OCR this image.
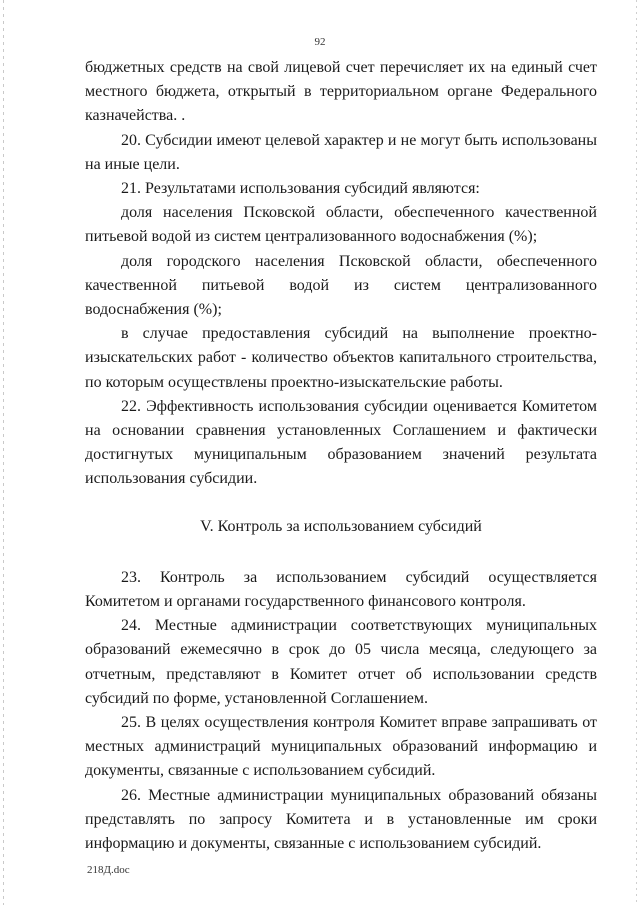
92

бюджетных средств на свой лицевой счет перечисляет их на единый счет местного бюджета, открытый в территориальном органе Федерального казначейства. .

20. Субсидии имеют целевой характер и не могут быть использованы на иные цели.

21. Результатами использования субсидий являются:

доля населения Псковской области, обеспеченного качественной питьевой водой из систем централизованного водоснабжения (%);

доля городского населения Псковской области, обеспеченного качественной питьевой водой из систем централизованного водоснабжения (%);

в случае предоставления субсидий на выполнение проектно-изыскательских работ - количество объектов капитального строительства, по которым осуществлены проектно-изыскательские работы.

22. Эффективность использования субсидии оценивается Комитетом на основании сравнения установленных Соглашением и фактически достигнутых муниципальным образованием значений результата использования субсидии.

V. Контроль за использованием субсидий

23. Контроль за использованием субсидий осуществляется Комитетом и органами государственного финансового контроля.

24. Местные администрации соответствующих муниципальных образований ежемесячно в срок до 05 числа месяца, следующего за отчетным, представляют в Комитет отчет об использовании средств субсидий по форме, установленной Соглашением.

25. В целях осуществления контроля Комитет вправе запрашивать от местных администраций муниципальных образований информацию и документы, связанные с использованием субсидий.

26. Местные администрации муниципальных образований обязаны представлять по запросу Комитета и в установленные им сроки информацию и документы, связанные с использованием субсидий.

218Д.doc
